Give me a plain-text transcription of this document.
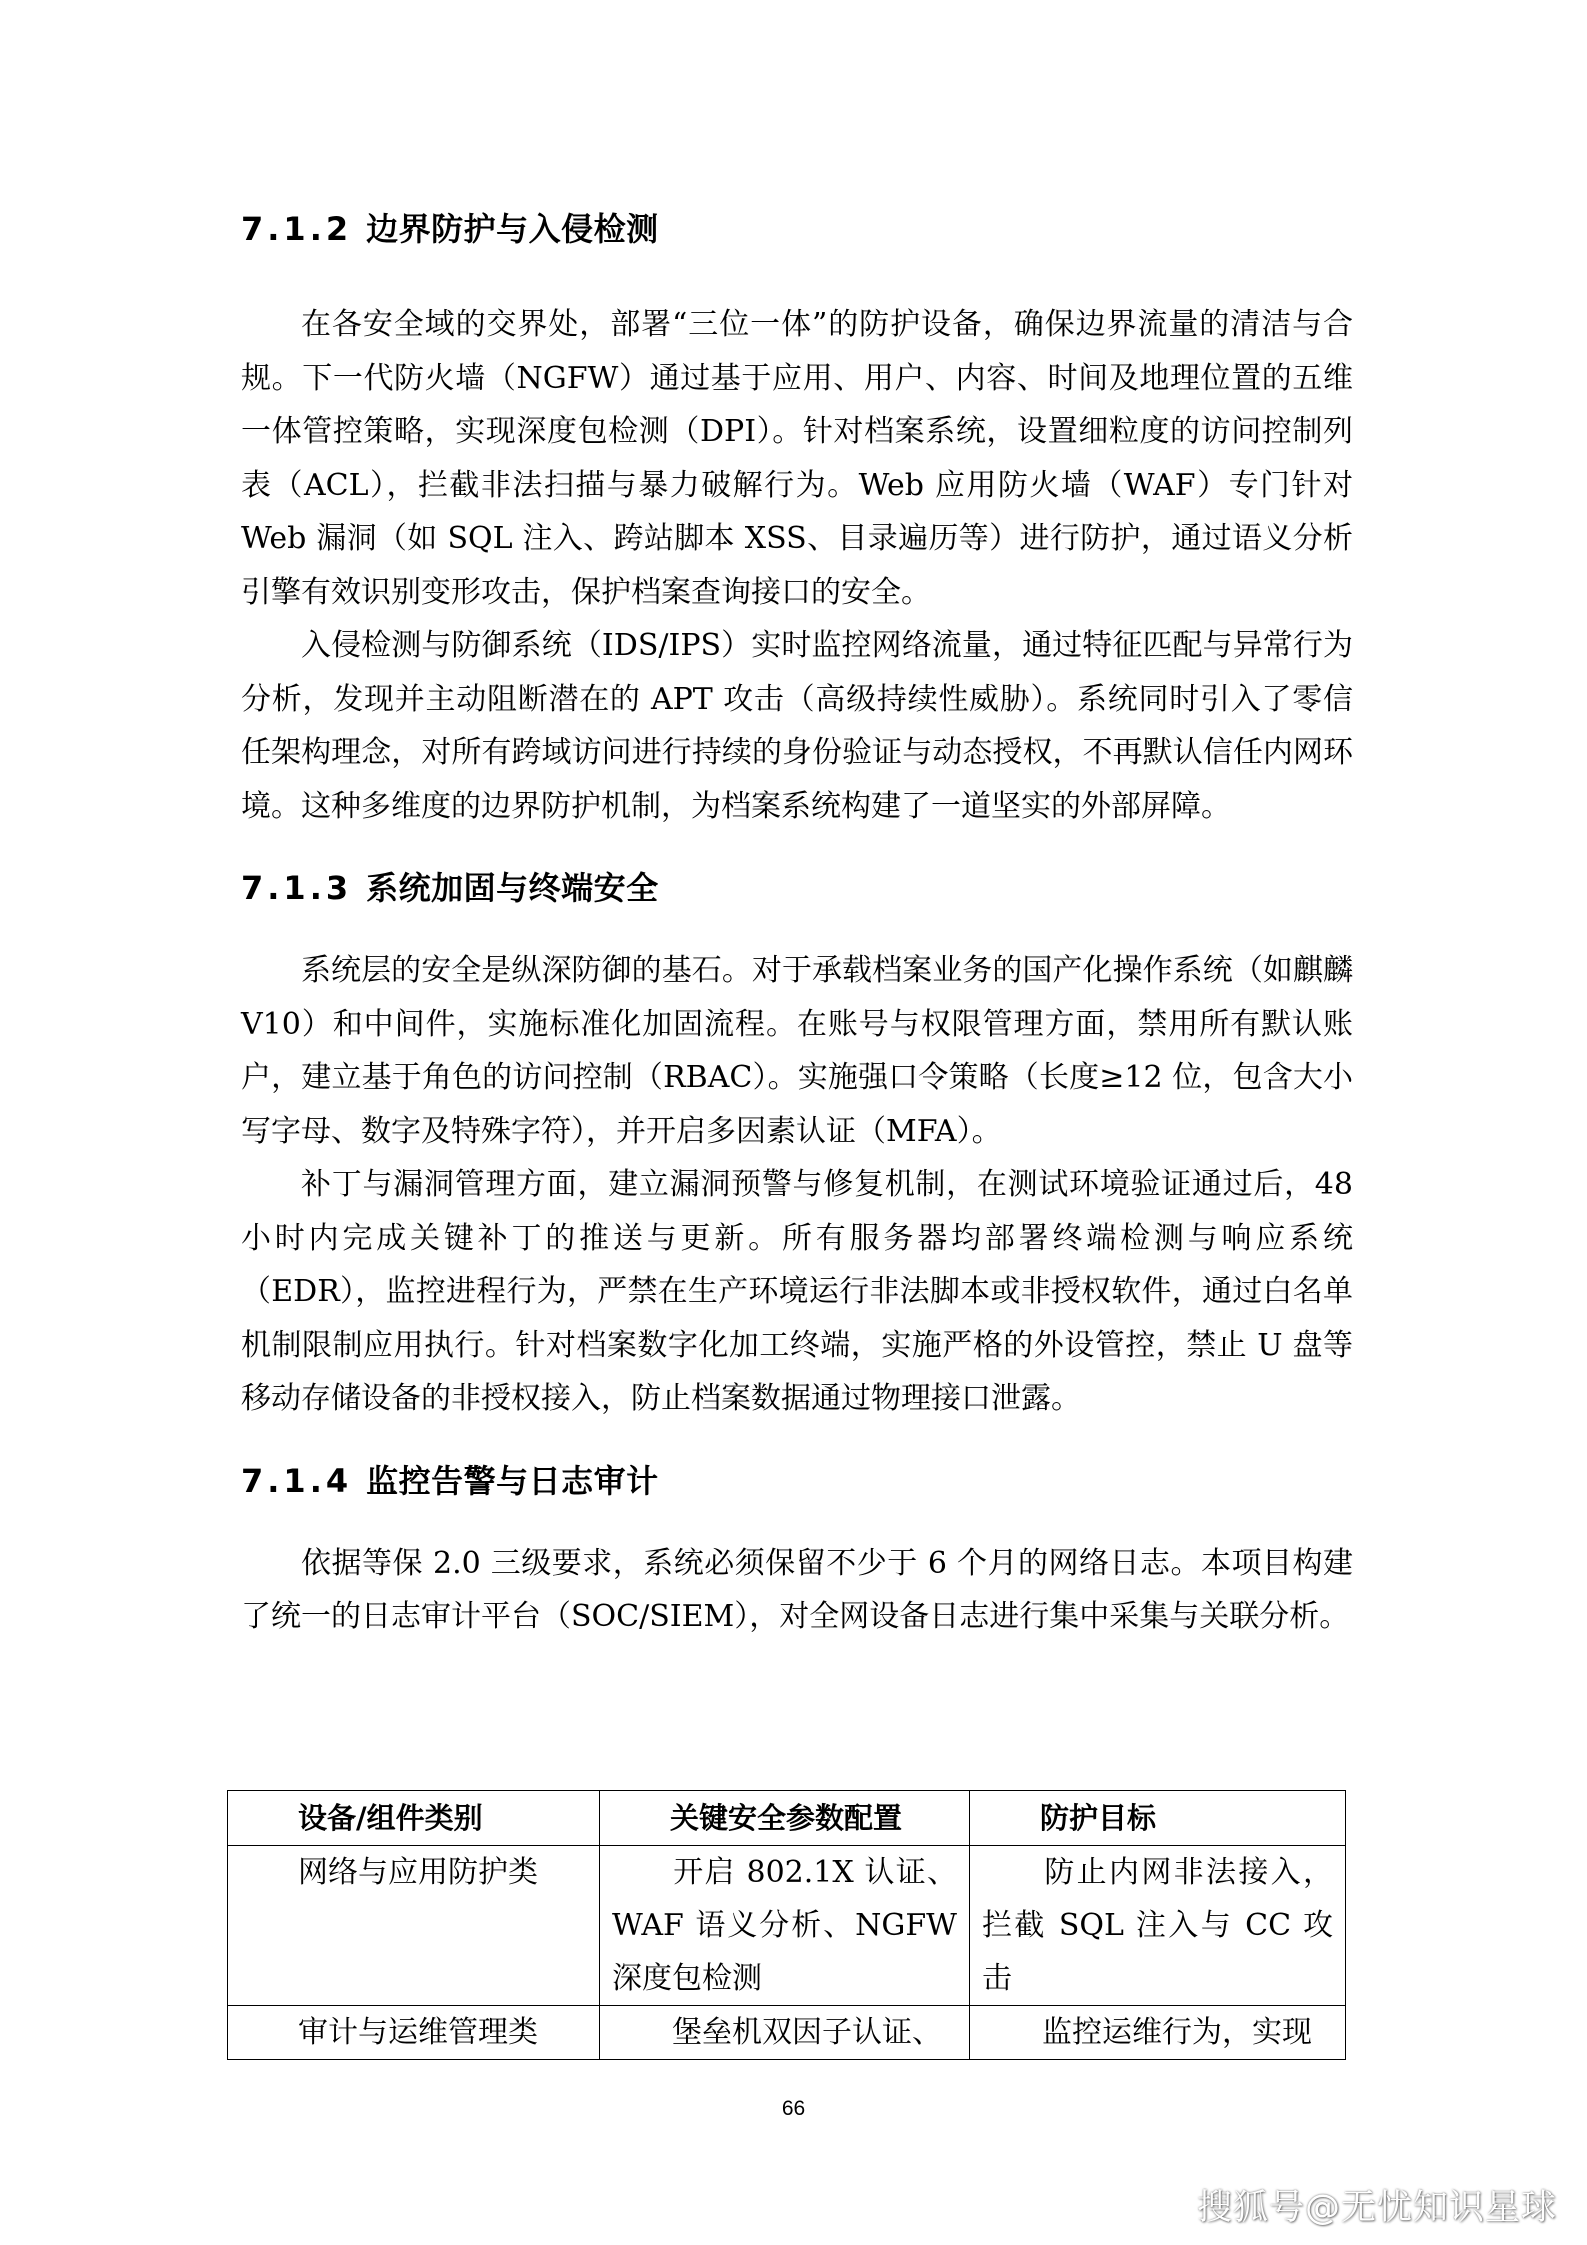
7.1.2 边界防护与入侵检测

在各安全域的交界处，部署“三位一体”的防护设备，确保边界流量的清洁与合规。下一代防火墙（NGFW）通过基于应用、用户、内容、时间及地理位置的五维一体管控策略，实现深度包检测（DPI）。针对档案系统，设置细粒度的访问控制列表（ACL），拦截非法扫描与暴力破解行为。Web 应用防火墙（WAF）专门针对 Web 漏洞（如 SQL 注入、跨站脚本 XSS、目录遍历等）进行防护，通过语义分析引擎有效识别变形攻击，保护档案查询接口的安全。

入侵检测与防御系统（IDS/IPS）实时监控网络流量，通过特征匹配与异常行为分析，发现并主动阻断潜在的 APT 攻击（高级持续性威胁）。系统同时引入了零信任架构理念，对所有跨域访问进行持续的身份验证与动态授权，不再默认信任内网环境。这种多维度的边界防护机制，为档案系统构建了一道坚实的外部屏障。

7.1.3 系统加固与终端安全

系统层的安全是纵深防御的基石。对于承载档案业务的国产化操作系统（如麒麟 V10）和中间件，实施标准化加固流程。在账号与权限管理方面，禁用所有默认账户，建立基于角色的访问控制（RBAC）。实施强口令策略（长度≥12 位，包含大小写字母、数字及特殊字符），并开启多因素认证（MFA）。

补丁与漏洞管理方面，建立漏洞预警与修复机制，在测试环境验证通过后，48 小时内完成关键补丁的推送与更新。所有服务器均部署终端检测与响应系统（EDR），监控进程行为，严禁在生产环境运行非法脚本或非授权软件，通过白名单机制限制应用执行。针对档案数字化加工终端，实施严格的外设管控，禁止 U 盘等移动存储设备的非授权接入，防止档案数据通过物理接口泄露。

7.1.4 监控告警与日志审计

依据等保 2.0 三级要求，系统必须保留不少于 6 个月的网络日志。本项目构建了统一的日志审计平台（SOC/SIEM），对全网设备日志进行集中采集与关联分析。

设备/组件类别	关键安全参数配置	防护目标
网络与应用防护类	开启 802.1X 认证、WAF 语义分析、NGFW 深度包检测	防止内网非法接入，拦截 SQL 注入与 CC 攻击
审计与运维管理类	堡垒机双因子认证、	监控运维行为，实现
66
搜狐号@无忧知识星球
